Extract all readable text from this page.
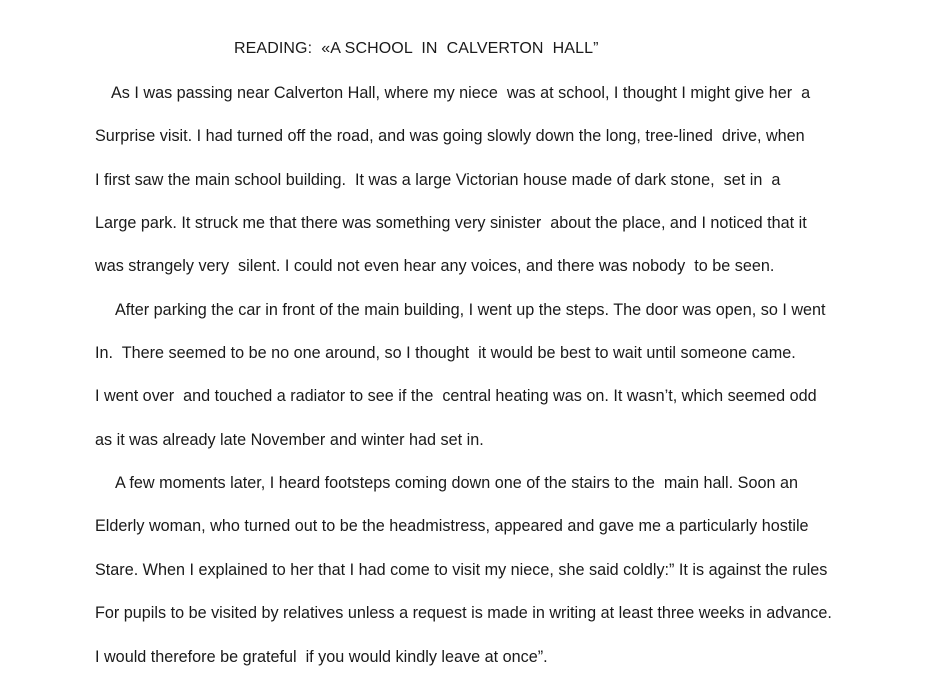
READING:  «A SCHOOL  IN  CALVERTON  HALL”
As I was passing near Calverton Hall, where my niece  was at school, I thought I might give her  a
Surprise visit. I had turned off the road, and was going slowly down the long, tree-lined  drive, when
I first saw the main school building.  It was a large Victorian house made of dark stone,  set in  a
Large park. It struck me that there was something very sinister  about the place, and I noticed that it
was strangely very  silent. I could not even hear any voices, and there was nobody  to be seen.
After parking the car in front of the main building, I went up the steps. The door was open, so I went
In.  There seemed to be no one around, so I thought  it would be best to wait until someone came.
I went over  and touched a radiator to see if the  central heating was on. It wasn’t, which seemed odd
as it was already late November and winter had set in.
A few moments later, I heard footsteps coming down one of the stairs to the  main hall. Soon an
Elderly woman, who turned out to be the headmistress, appeared and gave me a particularly hostile
Stare. When I explained to her that I had come to visit my niece, she said coldly:” It is against the rules
For pupils to be visited by relatives unless a request is made in writing at least three weeks in advance.
I would therefore be grateful  if you would kindly leave at once”.
